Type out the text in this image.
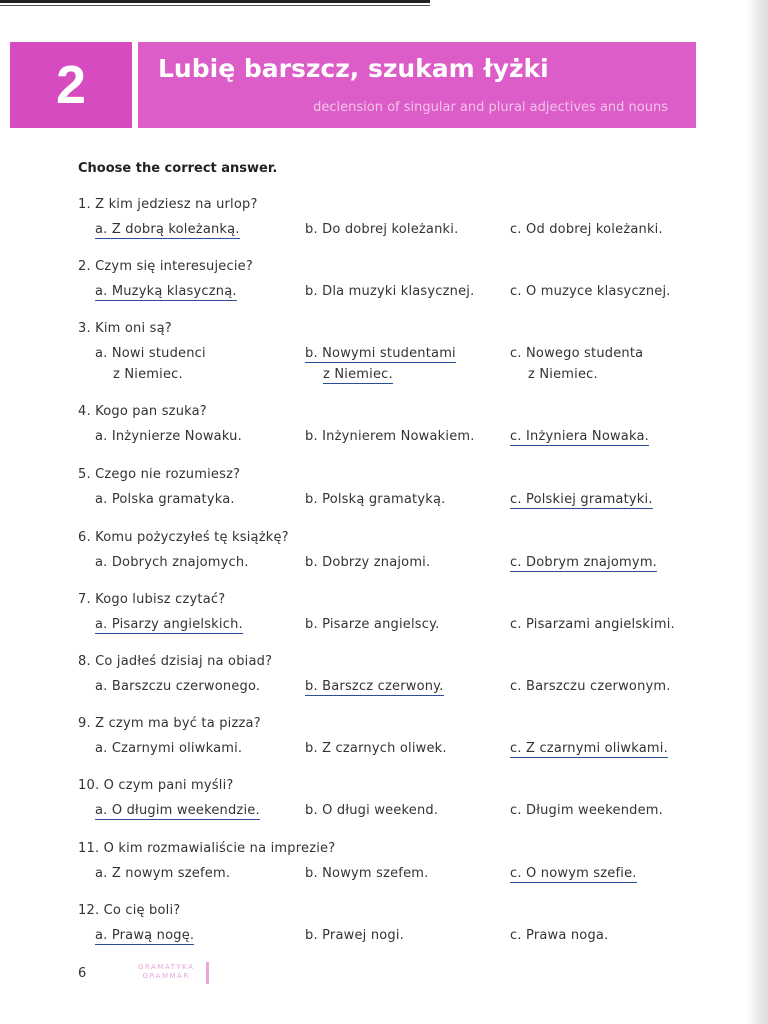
2	Lubię barszcz, szukam łyżki
declension of singular and plural adjectives and nouns
Choose the correct answer.
1. Z kim jedziesz na urlop?
a. Z dobrą koleżanką.	b. Do dobrej koleżanki.	c. Od dobrej koleżanki.
2. Czym się interesujecie?
a. Muzyką klasyczną.	b. Dla muzyki klasycznej.	c. O muzyce klasycznej.
3. Kim oni są?
a. Nowi studenci
z Niemiec.
b. Nowymi studentami
z Niemiec.
c. Nowego studenta
z Niemiec.
4. Kogo pan szuka?
a. Inżynierze Nowaku.	b. Inżynierem Nowakiem.	c. Inżyniera Nowaka.
5. Czego nie rozumiesz?
a. Polska gramatyka.	b. Polską gramatyką.	c. Polskiej gramatyki.
6. Komu pożyczyłeś tę książkę?
a. Dobrych znajomych.	b. Dobrzy znajomi.	c. Dobrym znajomym.
7. Kogo lubisz czytać?
a. Pisarzy angielskich.	b. Pisarze angielscy.	c. Pisarzami angielskimi.
8. Co jadłeś dzisiaj na obiad?
a. Barszczu czerwonego.	b. Barszcz czerwony.	c. Barszczu czerwonym.
9. Z czym ma być ta pizza?
a. Czarnymi oliwkami.	b. Z czarnych oliwek.	c. Z czarnymi oliwkami.
10. O czym pani myśli?
a. O długim weekendzie.	b. O długi weekend.	c. Długim weekendem.
11. O kim rozmawialiście na imprezie?
a. Z nowym szefem.	b. Nowym szefem.	c. O nowym szefie.
12. Co cię boli?
a. Prawą nogę.	b. Prawej nogi.	c. Prawa noga.
6	GRAMATYKA
GRAMMAR
